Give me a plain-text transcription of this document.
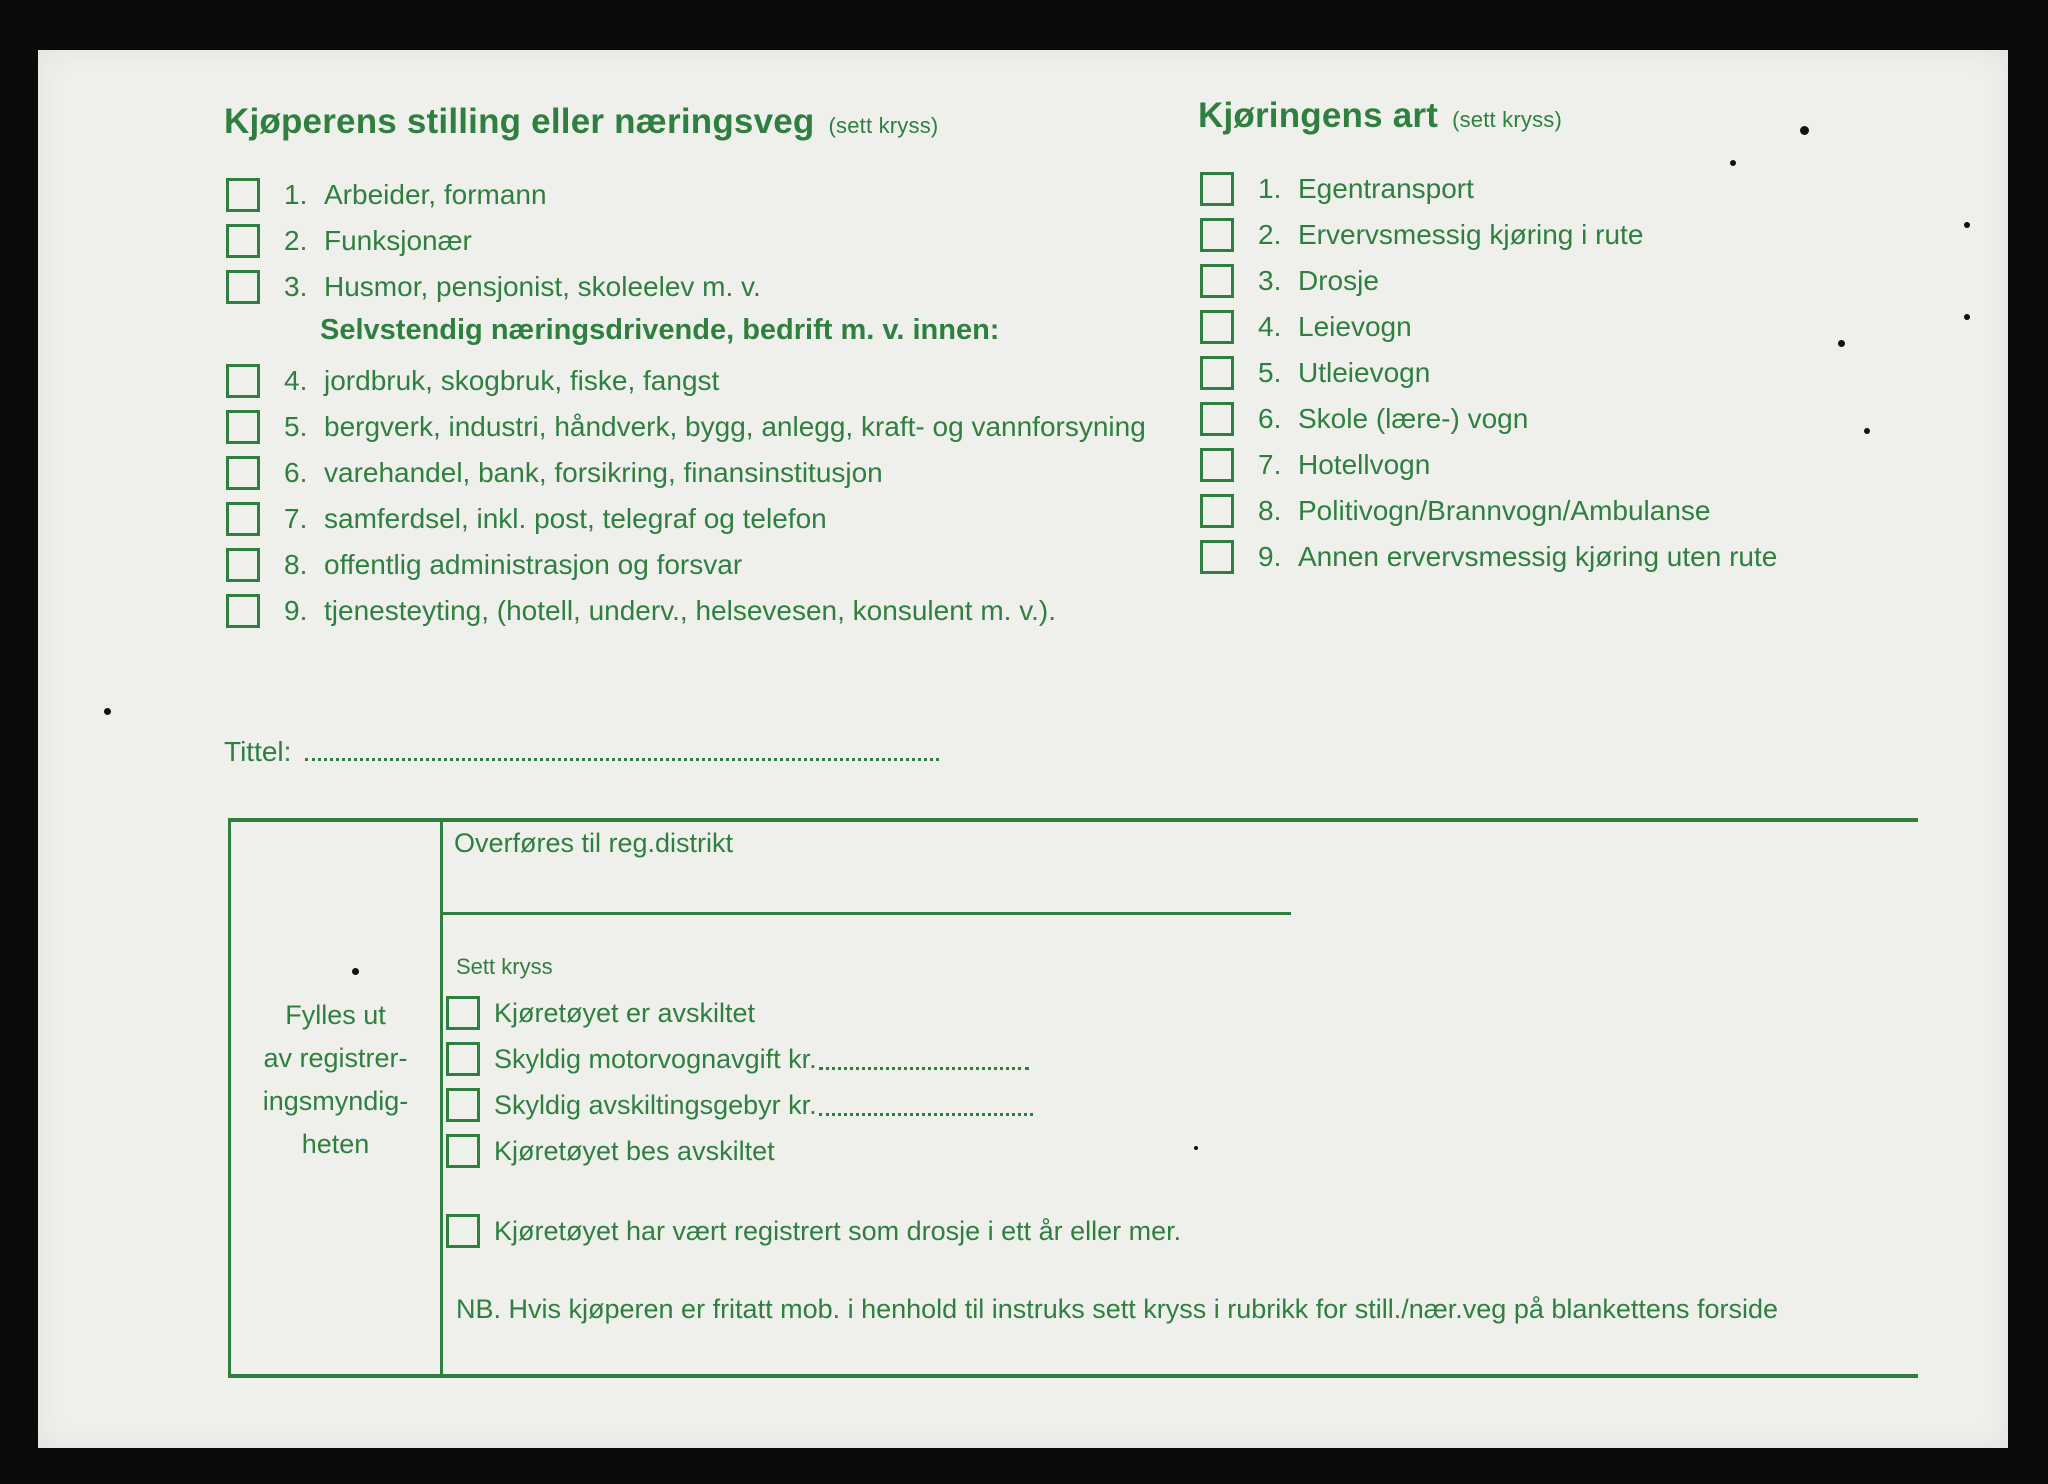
Kjøperens stilling eller næringsveg (sett kryss)
1. Arbeider, formann
2. Funksjonær
3. Husmor, pensjonist, skoleelev m. v.
Selvstendig næringsdrivende, bedrift m. v. innen:
4. jordbruk, skogbruk, fiske, fangst
5. bergverk, industri, håndverk, bygg, anlegg, kraft- og vannforsyning
6. varehandel, bank, forsikring, finansinstitusjon
7. samferdsel, inkl. post, telegraf og telefon
8. offentlig administrasjon og forsvar
9. tjenesteyting, (hotell, underv., helsevesen, konsulent m. v.).
Tittel:
Kjøringens art (sett kryss)
1. Egentransport
2. Ervervsmessig kjøring i rute
3. Drosje
4. Leievogn
5. Utleievogn
6. Skole (lære-) vogn
7. Hotellvogn
8. Politivogn/Brannvogn/Ambulanse
9. Annen ervervsmessig kjøring uten rute
Fylles ut
av registrer-
ingsmyndig-
heten
Overføres til reg.distrikt
Sett kryss
Kjøretøyet er avskiltet
Skyldig motorvognavgift kr.
Skyldig avskiltingsgebyr kr.
Kjøretøyet bes avskiltet
Kjøretøyet har vært registrert som drosje i ett år eller mer.
NB. Hvis kjøperen er fritatt mob. i henhold til instruks sett kryss i rubrikk for still./nær.veg på blankettens forside
